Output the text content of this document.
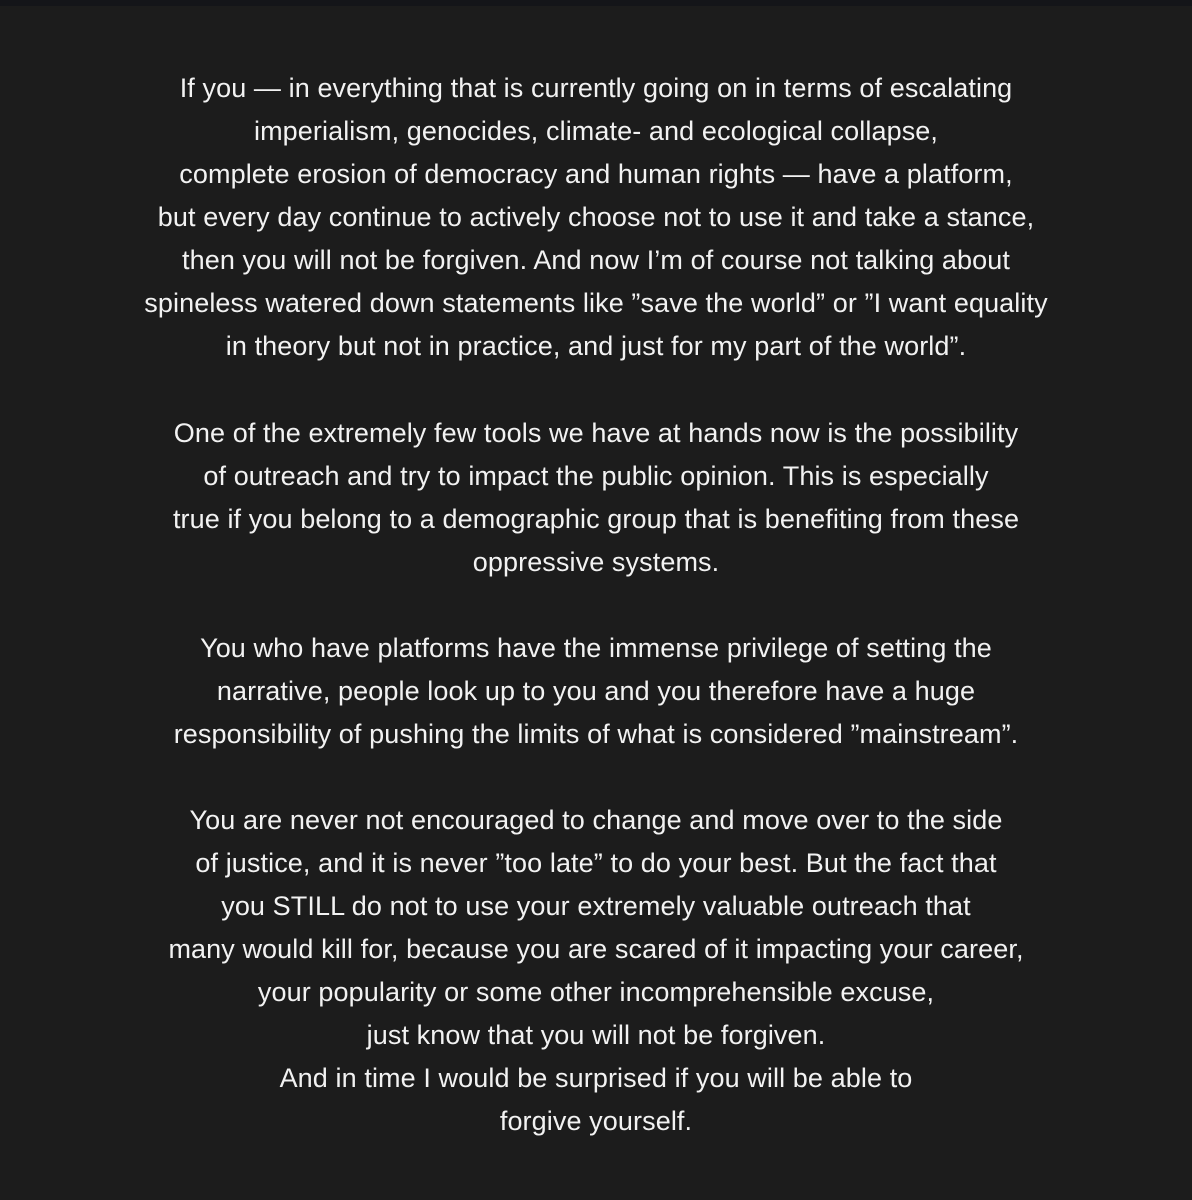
If you — in everything that is currently going on in terms of escalating
imperialism, genocides, climate- and ecological collapse,
complete erosion of democracy and human rights — have a platform,
but every day continue to actively choose not to use it and take a stance,
then you will not be forgiven. And now I’m of course not talking about
spineless watered down statements like ”save the world” or ”I want equality
in theory but not in practice, and just for my part of the world”.

One of the extremely few tools we have at hands now is the possibility
of outreach and try to impact the public opinion. This is especially
true if you belong to a demographic group that is benefiting from these
oppressive systems.

You who have platforms have the immense privilege of setting the
narrative, people look up to you and you therefore have a huge
responsibility of pushing the limits of what is considered ”mainstream”.

You are never not encouraged to change and move over to the side
of justice, and it is never ”too late” to do your best. But the fact that
you STILL do not to use your extremely valuable outreach that
many would kill for, because you are scared of it impacting your career,
your popularity or some other incomprehensible excuse,
just know that you will not be forgiven.
And in time I would be surprised if you will be able to
forgive yourself.
